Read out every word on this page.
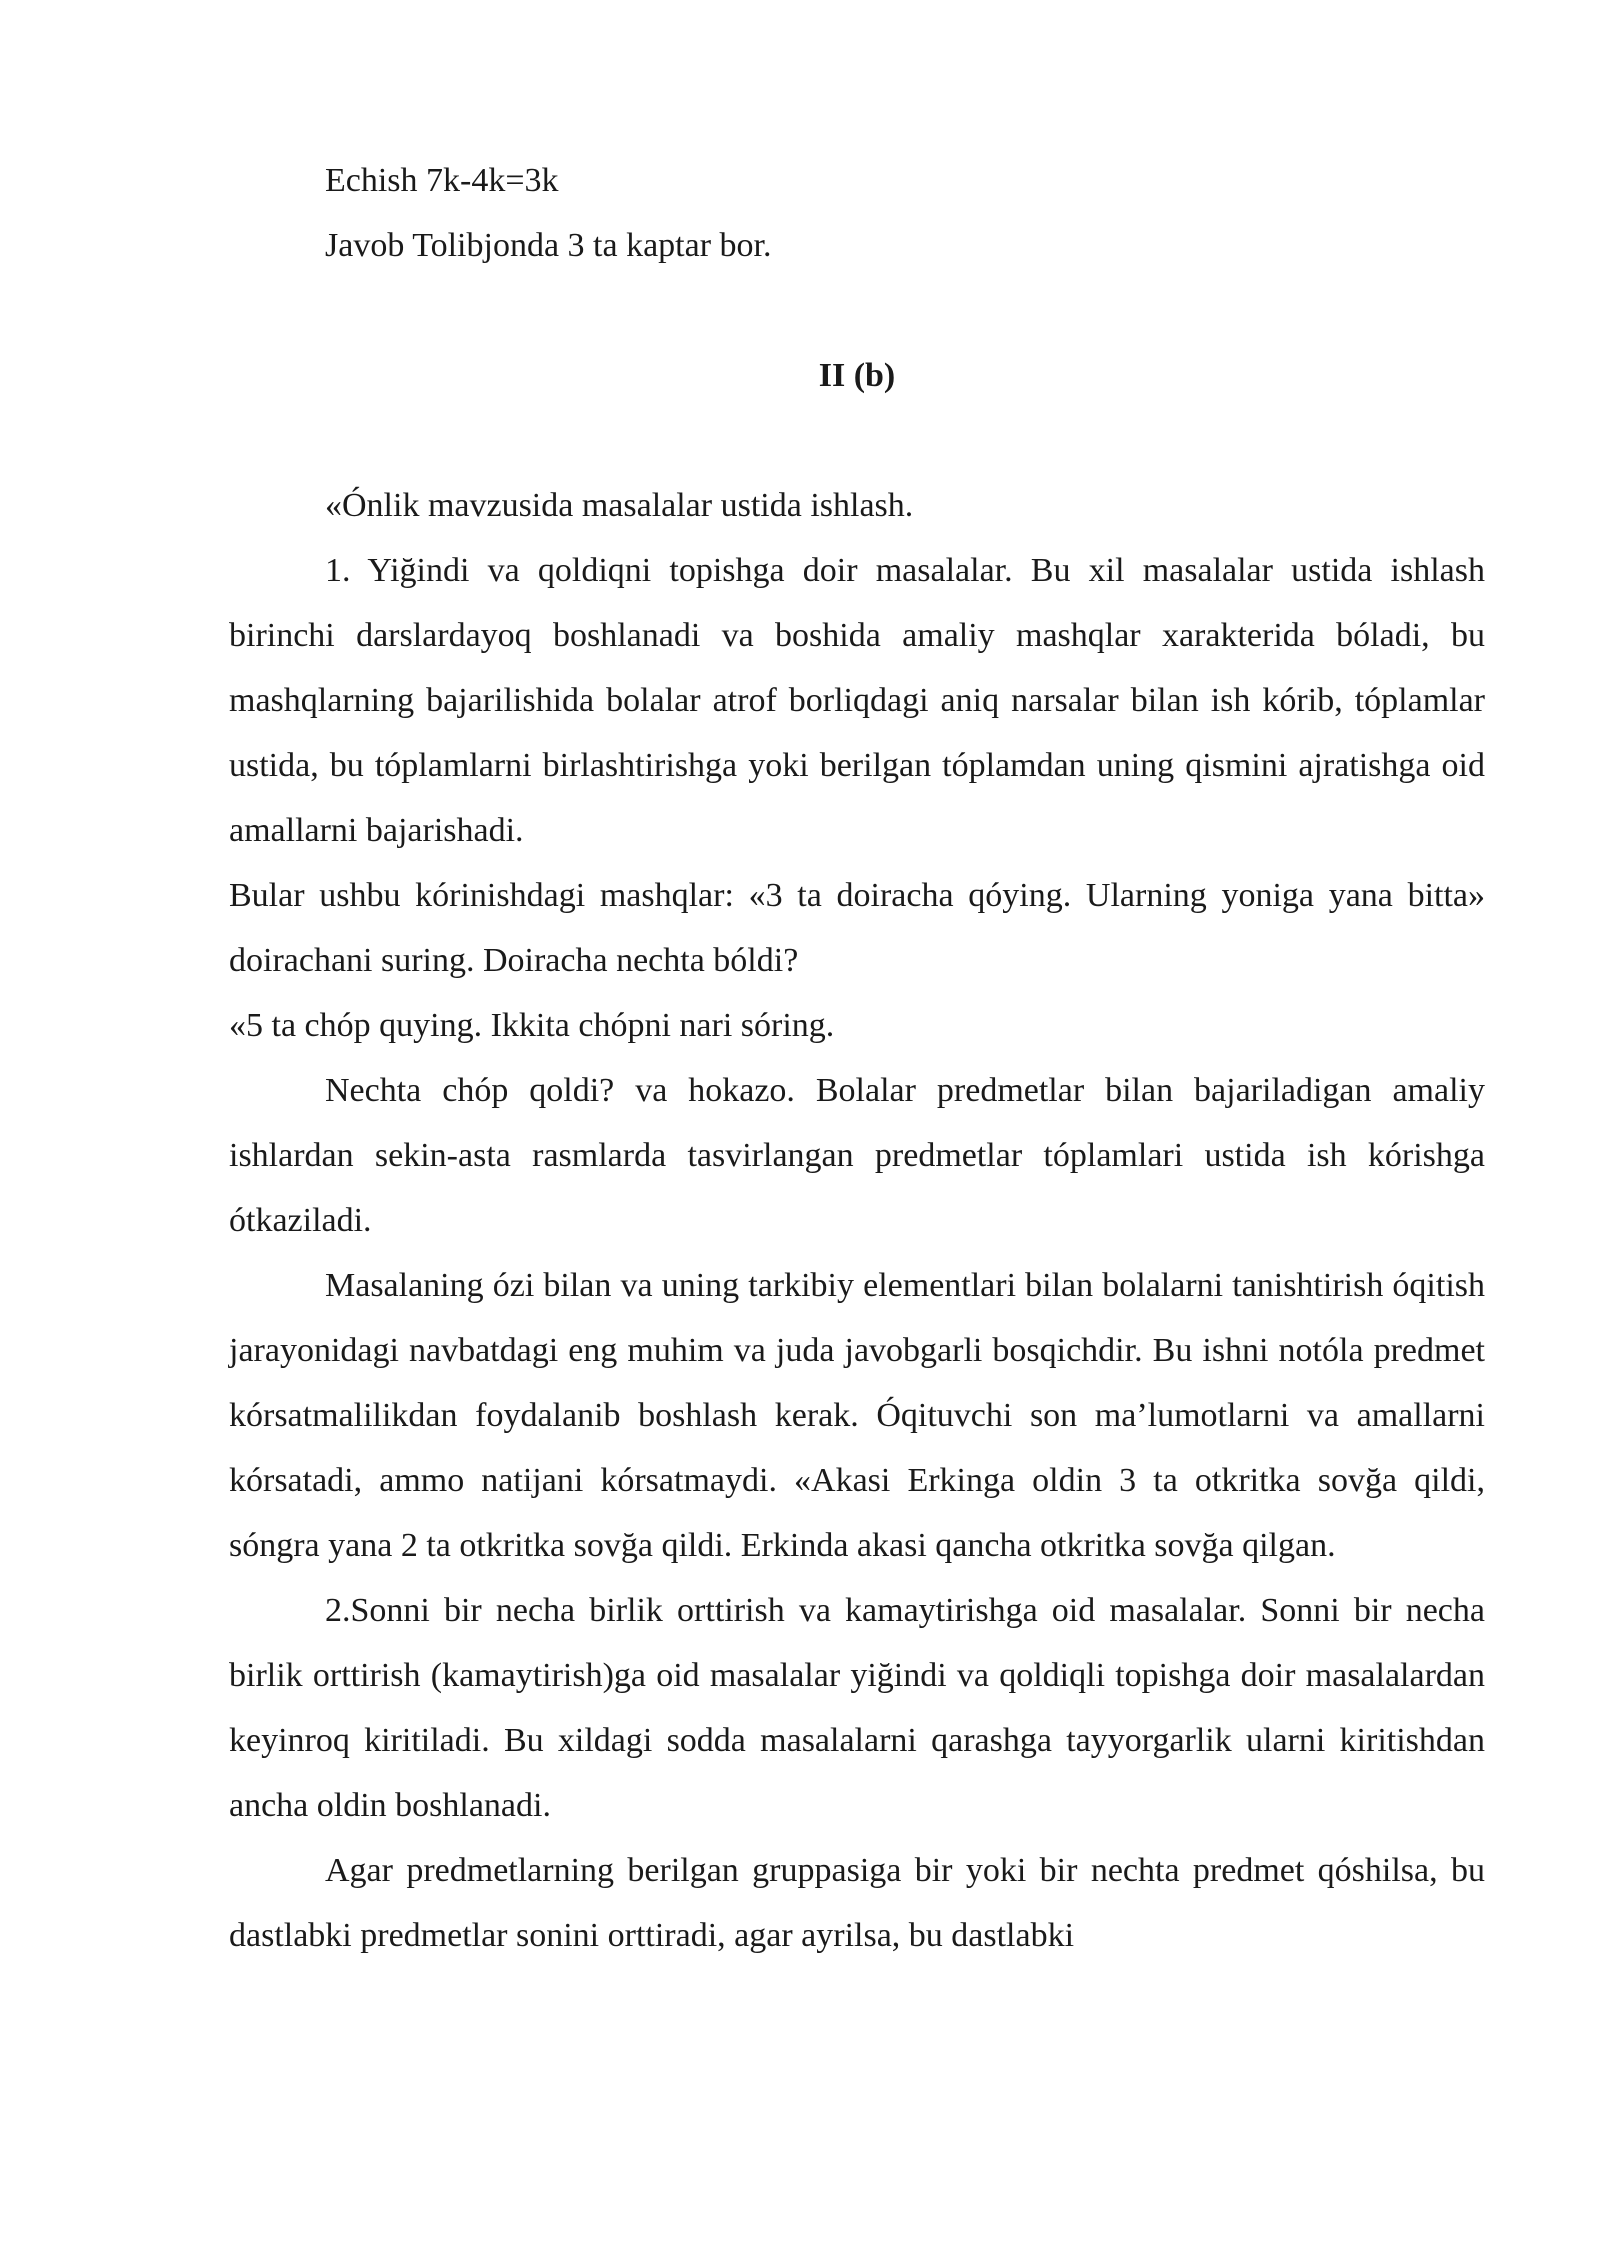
Echish 7k-4k=3k

Javob Tolibjonda 3 ta kaptar bor.

II (b)

«Ónlik mavzusida masalalar ustida ishlash.

1. Yiğindi va qoldiqni topishga doir masalalar. Bu xil masalalar ustida ishlash birinchi darslardayoq boshlanadi va boshida amaliy mashqlar xarakterida bóladi, bu mashqlarning bajarilishida bolalar atrof borliqdagi aniq narsalar bilan ish kórib, tóplamlar ustida, bu tóplamlarni birlashtirishga yoki berilgan tóplamdan uning qismini ajratishga oid amallarni bajarishadi.

Bular ushbu kórinishdagi mashqlar: «3 ta doiracha qóying. Ularning yoniga yana bitta» doirachani suring. Doiracha nechta bóldi?

«5 ta chóp quying. Ikkita chópni nari sóring.

Nechta chóp qoldi? va hokazo. Bolalar predmetlar bilan bajariladigan amaliy ishlardan sekin-asta rasmlarda tasvirlangan predmetlar tóplamlari ustida ish kórishga ótkaziladi.

Masalaning ózi bilan va uning tarkibiy elementlari bilan bolalarni tanishtirish óqitish jarayonidagi navbatdagi eng muhim va juda javobgarli bosqichdir. Bu ishni notóla predmet kórsatmalilikdan foydalanib boshlash kerak. Óqituvchi son ma’lumotlarni va amallarni kórsatadi, ammo natijani kórsatmaydi. «Akasi Erkinga oldin 3 ta otkritka sovğa qildi, sóngra yana 2 ta otkritka sovğa qildi. Erkinda akasi qancha otkritka sovğa qilgan.

2.Sonni bir necha birlik orttirish va kamaytirishga oid masalalar. Sonni bir necha birlik orttirish (kamaytirish)ga oid masalalar yiğindi va qoldiqli topishga doir masalalardan keyinroq kiritiladi. Bu xildagi sodda masalalarni qarashga tayyorgarlik ularni kiritishdan ancha oldin boshlanadi.

Agar predmetlarning berilgan gruppasiga bir yoki bir nechta predmet qóshilsa, bu dastlabki predmetlar sonini orttiradi, agar ayrilsa, bu dastlabki
